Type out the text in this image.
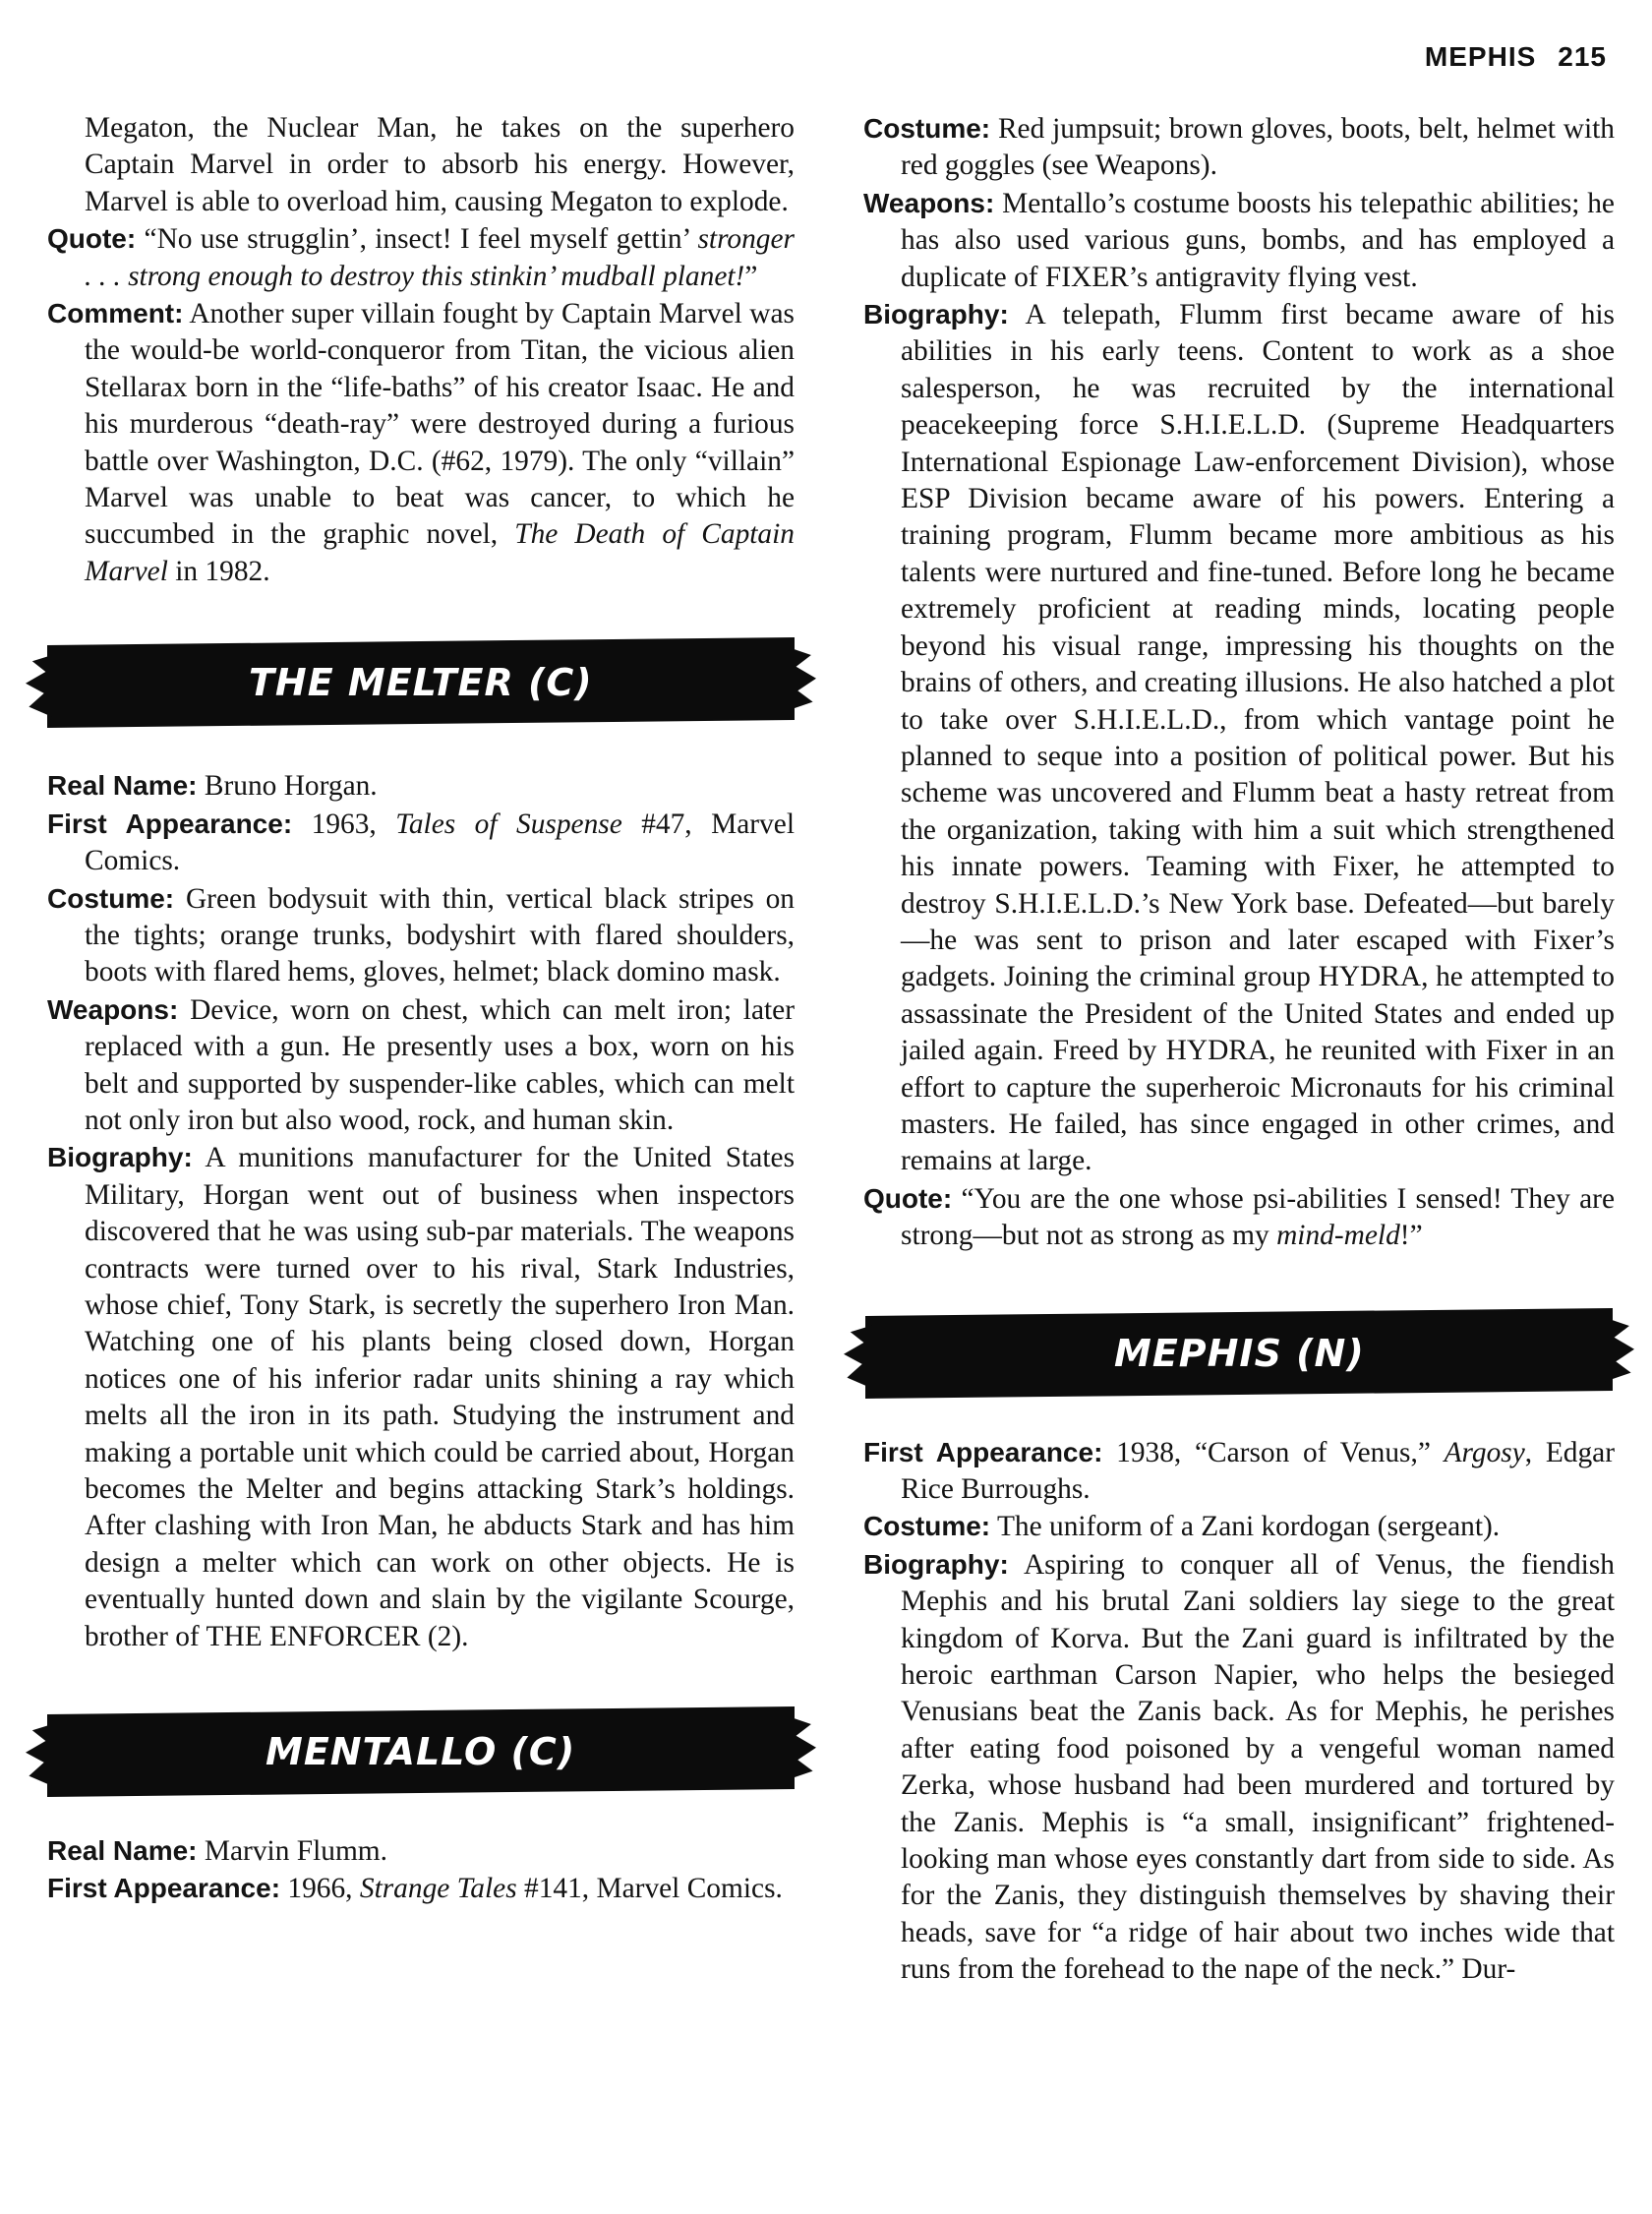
MEPHIS 215

Megaton, the Nuclear Man, he takes on the superhero Captain Marvel in order to absorb his energy. However, Marvel is able to overload him, causing Megaton to explode.

Quote: “No use strugglin’, insect! I feel myself gettin’ stronger . . . strong enough to destroy this stinkin’ mudball planet!”

Comment: Another super villain fought by Captain Marvel was the would-be world-conqueror from Titan, the vicious alien Stellarax born in the “life-baths” of his creator Isaac. He and his murderous “death-ray” were destroyed during a furious battle over Washington, D.C. (#62, 1979). The only “villain” Marvel was unable to beat was cancer, to which he succumbed in the graphic novel, The Death of Captain Marvel in 1982.

THE MELTER (C)

Real Name: Bruno Horgan.

First Appearance: 1963, Tales of Suspense #47, Marvel Comics.

Costume: Green bodysuit with thin, vertical black stripes on the tights; orange trunks, bodyshirt with flared shoulders, boots with flared hems, gloves, helmet; black domino mask.

Weapons: Device, worn on chest, which can melt iron; later replaced with a gun. He presently uses a box, worn on his belt and supported by suspender-like cables, which can melt not only iron but also wood, rock, and human skin.

Biography: A munitions manufacturer for the United States Military, Horgan went out of business when inspectors discovered that he was using sub-par materials. The weapons contracts were turned over to his rival, Stark Industries, whose chief, Tony Stark, is secretly the superhero Iron Man. Watching one of his plants being closed down, Horgan notices one of his inferior radar units shining a ray which melts all the iron in its path. Studying the instrument and making a portable unit which could be carried about, Horgan becomes the Melter and begins attacking Stark’s holdings. After clashing with Iron Man, he abducts Stark and has him design a melter which can work on other objects. He is eventually hunted down and slain by the vigilante Scourge, brother of THE ENFORCER (2).

MENTALLO (C)

Real Name: Marvin Flumm.

First Appearance: 1966, Strange Tales #141, Marvel Comics.

Costume: Red jumpsuit; brown gloves, boots, belt, helmet with red goggles (see Weapons).

Weapons: Mentallo’s costume boosts his telepathic abilities; he has also used various guns, bombs, and has employed a duplicate of FIXER’s antigravity flying vest.

Biography: A telepath, Flumm first became aware of his abilities in his early teens. Content to work as a shoe salesperson, he was recruited by the international peacekeeping force S.H.I.E.L.D. (Supreme Headquarters International Espionage Law-enforcement Division), whose ESP Division became aware of his powers. Entering a training program, Flumm became more ambitious as his talents were nurtured and fine-tuned. Before long he became extremely proficient at reading minds, locating people beyond his visual range, impressing his thoughts on the brains of others, and creating illusions. He also hatched a plot to take over S.H.I.E.L.D., from which vantage point he planned to seque into a position of political power. But his scheme was uncovered and Flumm beat a hasty retreat from the organization, taking with him a suit which strengthened his innate powers. Teaming with Fixer, he attempted to destroy S.H.I.E.L.D.’s New York base. Defeated—but barely—he was sent to prison and later escaped with Fixer’s gadgets. Joining the criminal group HYDRA, he attempted to assassinate the President of the United States and ended up jailed again. Freed by HYDRA, he reunited with Fixer in an effort to capture the superheroic Micronauts for his criminal masters. He failed, has since engaged in other crimes, and remains at large.

Quote: “You are the one whose psi-abilities I sensed! They are strong—but not as strong as my mind-meld!”

MEPHIS (N)

First Appearance: 1938, “Carson of Venus,” Argosy, Edgar Rice Burroughs.

Costume: The uniform of a Zani kordogan (sergeant).

Biography: Aspiring to conquer all of Venus, the fiendish Mephis and his brutal Zani soldiers lay siege to the great kingdom of Korva. But the Zani guard is infiltrated by the heroic earthman Carson Napier, who helps the besieged Venusians beat the Zanis back. As for Mephis, he perishes after eating food poisoned by a vengeful woman named Zerka, whose husband had been murdered and tortured by the Zanis. Mephis is “a small, insignificant” frightened-looking man whose eyes constantly dart from side to side. As for the Zanis, they distinguish themselves by shaving their heads, save for “a ridge of hair about two inches wide that runs from the forehead to the nape of the neck.” Dur-
